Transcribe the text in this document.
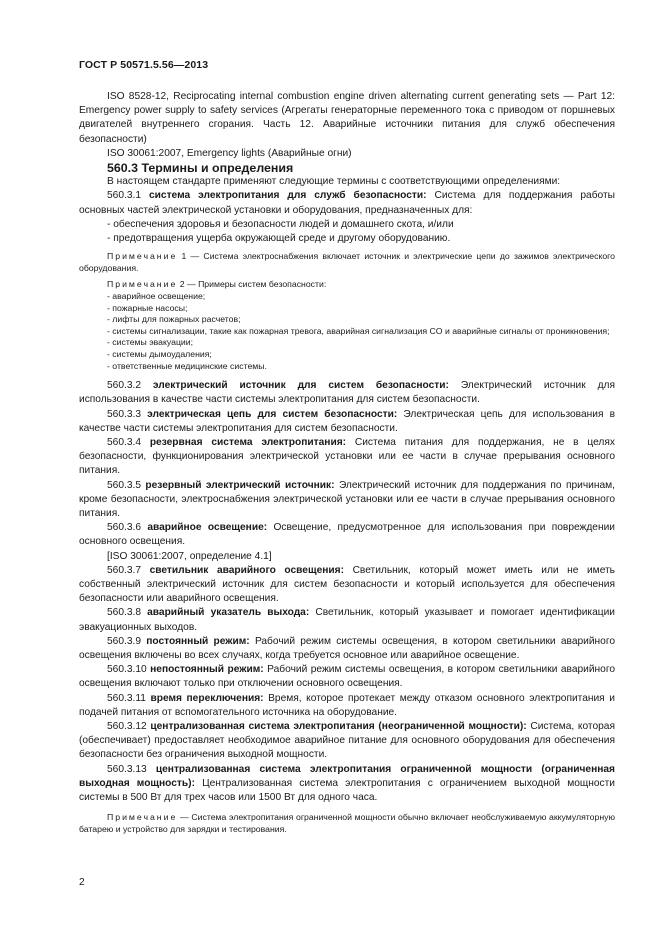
ГОСТ Р 50571.5.56—2013

ISO 8528-12, Reciprocating internal combustion engine driven alternating current generating sets — Part 12: Emergency power supply to safety services (Агрегаты генераторные переменного тока с приводом от поршневых двигателей внутреннего сгорания. Часть 12. Аварийные источники питания для служб обеспечения безопасности)

ISO 30061:2007, Emergency lights (Аварийные огни)

560.3 Термины и определения

В настоящем стандарте применяют следующие термины с соответствующими определениями:

560.3.1 система электропитания для служб безопасности: Система для поддержания работы основных частей электрической установки и оборудования, предназначенных для:

- обеспечения здоровья и безопасности людей и домашнего скота, и/или

- предотвращения ущерба окружающей среде и другому оборудованию.

Примечание 1 — Система электроснабжения включает источник и электрические цепи до зажимов электрического оборудования.

Примечание 2 — Примеры систем безопасности:

- аварийное освещение;

- пожарные насосы;

- лифты для пожарных расчетов;

- системы сигнализации, такие как пожарная тревога, аварийная сигнализация CO и аварийные сигналы от проникновения;

- системы эвакуации;

- системы дымоудаления;

- ответственные медицинские системы.

560.3.2 электрический источник для систем безопасности: Электрический источник для использования в качестве части системы электропитания для систем безопасности.

560.3.3 электрическая цепь для систем безопасности: Электрическая цепь для использования в качестве части системы электропитания для систем безопасности.

560.3.4 резервная система электропитания: Система питания для поддержания, не в целях безопасности, функционирования электрической установки или ее части в случае прерывания основного питания.

560.3.5 резервный электрический источник: Электрический источник для поддержания по причинам, кроме безопасности, электроснабжения электрической установки или ее части в случае прерывания основного питания.

560.3.6 аварийное освещение: Освещение, предусмотренное для использования при повреждении основного освещения.

[ISO 30061:2007, определение 4.1]

560.3.7 светильник аварийного освещения: Светильник, который может иметь или не иметь собственный электрический источник для систем безопасности и который используется для обеспечения безопасности или аварийного освещения.

560.3.8 аварийный указатель выхода: Светильник, который указывает и помогает идентификации эвакуационных выходов.

560.3.9 постоянный режим: Рабочий режим системы освещения, в котором светильники аварийного освещения включены во всех случаях, когда требуется основное или аварийное освещение.

560.3.10 непостоянный режим: Рабочий режим системы освещения, в котором светильники аварийного освещения включают только при отключении основного освещения.

560.3.11 время переключения: Время, которое протекает между отказом основного электропитания и подачей питания от вспомогательного источника на оборудование.

560.3.12 централизованная система электропитания (неограниченной мощности): Система, которая (обеспечивает) предоставляет необходимое аварийное питание для основного оборудования для обеспечения безопасности без ограничения выходной мощности.

560.3.13 централизованная система электропитания ограниченной мощности (ограниченная выходная мощность): Централизованная система электропитания с ограничением выходной мощности системы в 500 Вт для трех часов или 1500 Вт для одного часа.

Примечание — Система электропитания ограниченной мощности обычно включает необслуживаемую аккумуляторную батарею и устройство для зарядки и тестирования.

2
